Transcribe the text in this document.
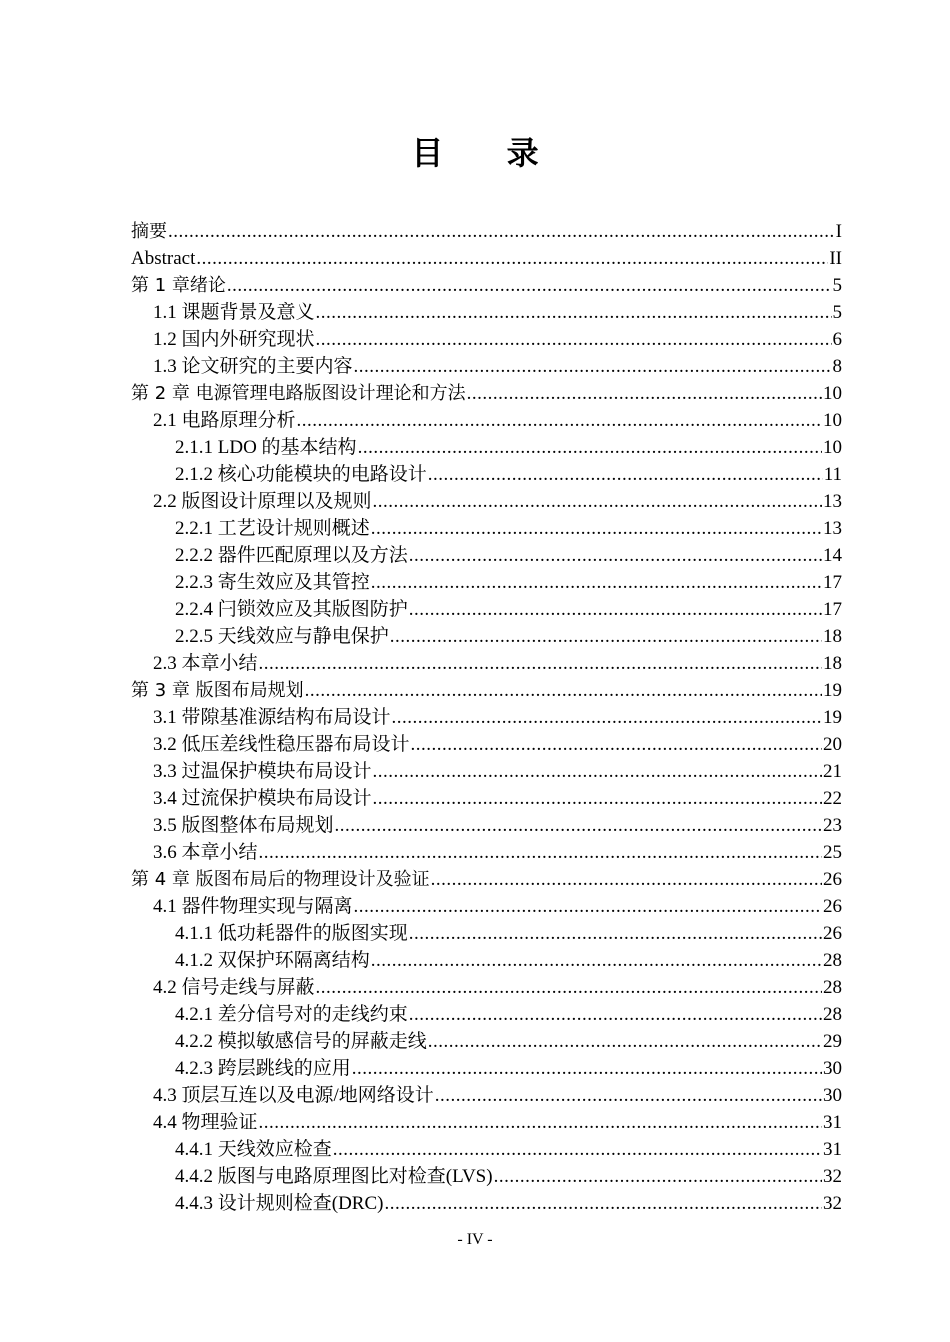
目 录
摘要 .....	I
Abstract .....	II
第 1 章绪论 .....	5
1.1 课题背景及意义 .....	5
1.2 国内外研究现状 .....	6
1.3 论文研究的主要内容 .....	8
第 2 章 电源管理电路版图设计理论和方法 .....	10
2.1 电路原理分析 .....	10
2.1.1 LDO 的基本结构 .....	10
2.1.2 核心功能模块的电路设计 .....	11
2.2 版图设计原理以及规则 .....	13
2.2.1 工艺设计规则概述 .....	13
2.2.2 器件匹配原理以及方法 .....	14
2.2.3 寄生效应及其管控 .....	17
2.2.4 闩锁效应及其版图防护 .....	17
2.2.5 天线效应与静电保护 .....	18
2.3 本章小结 .....	18
第 3 章 版图布局规划 .....	19
3.1 带隙基准源结构布局设计 .....	19
3.2 低压差线性稳压器布局设计 .....	20
3.3 过温保护模块布局设计 .....	21
3.4 过流保护模块布局设计 .....	22
3.5 版图整体布局规划 .....	23
3.6 本章小结 .....	25
第 4 章 版图布局后的物理设计及验证 .....	26
4.1 器件物理实现与隔离 .....	26
4.1.1 低功耗器件的版图实现 .....	26
4.1.2 双保护环隔离结构 .....	28
4.2 信号走线与屏蔽 .....	28
4.2.1 差分信号对的走线约束 .....	28
4.2.2 模拟敏感信号的屏蔽走线 .....	29
4.2.3 跨层跳线的应用 .....	30
4.3 顶层互连以及电源/地网络设计 .....	30
4.4 物理验证 .....	31
4.4.1 天线效应检查 .....	31
4.4.2 版图与电路原理图比对检查(LVS) .....	32
4.4.3 设计规则检查(DRC) .....	32
- IV -
